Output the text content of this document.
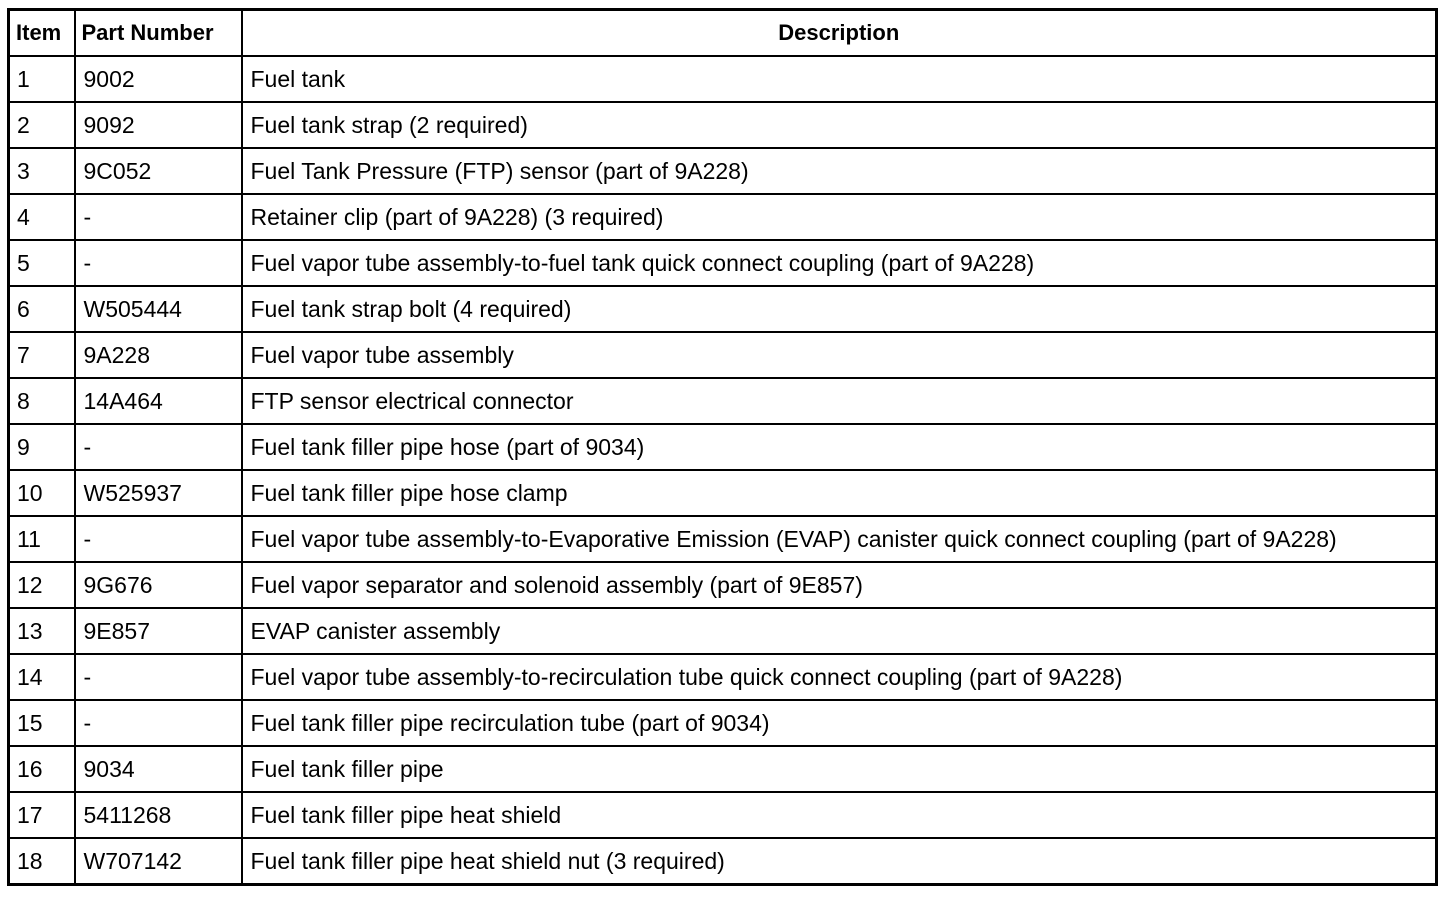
Item	Part Number	Description
1	9002	Fuel tank
2	9092	Fuel tank strap (2 required)
3	9C052	Fuel Tank Pressure (FTP) sensor (part of 9A228)
4	-	Retainer clip (part of 9A228) (3 required)
5	-	Fuel vapor tube assembly-to-fuel tank quick connect coupling (part of 9A228)
6	W505444	Fuel tank strap bolt (4 required)
7	9A228	Fuel vapor tube assembly
8	14A464	FTP sensor electrical connector
9	-	Fuel tank filler pipe hose (part of 9034)
10	W525937	Fuel tank filler pipe hose clamp
11	-	Fuel vapor tube assembly-to-Evaporative Emission (EVAP) canister quick connect coupling (part of 9A228)
12	9G676	Fuel vapor separator and solenoid assembly (part of 9E857)
13	9E857	EVAP canister assembly
14	-	Fuel vapor tube assembly-to-recirculation tube quick connect coupling (part of 9A228)
15	-	Fuel tank filler pipe recirculation tube (part of 9034)
16	9034	Fuel tank filler pipe
17	5411268	Fuel tank filler pipe heat shield
18	W707142	Fuel tank filler pipe heat shield nut (3 required)
